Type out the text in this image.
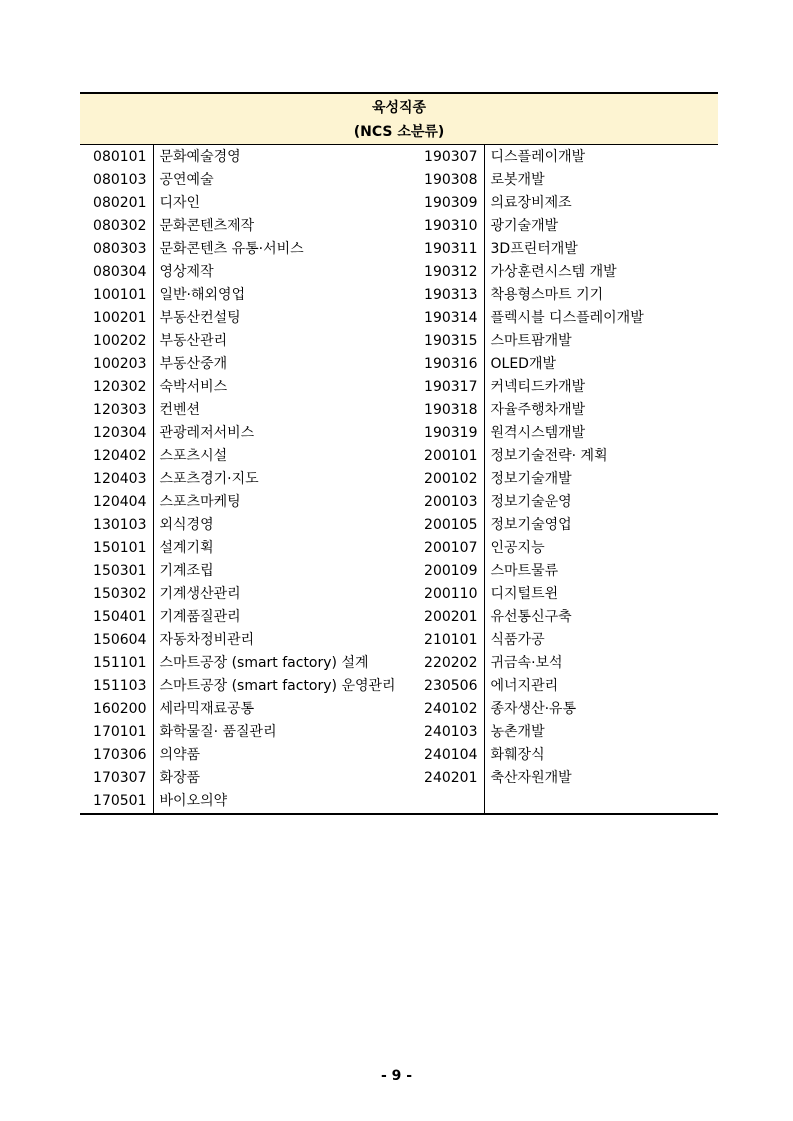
육성직종
(NCS 소분류)			

080101	문화예술경영	190307	디스플레이개발
080103	공연예술	190308	로봇개발
080201	디자인	190309	의료장비제조
080302	문화콘텐츠제작	190310	광기술개발
080303	문화콘텐츠 유통·서비스	190311	3D프린터개발
080304	영상제작	190312	가상훈련시스템 개발
100101	일반·해외영업	190313	착용형스마트 기기
100201	부동산컨설팅	190314	플렉시블 디스플레이개발
100202	부동산관리	190315	스마트팜개발
100203	부동산중개	190316	OLED개발
120302	숙박서비스	190317	커넥티드카개발
120303	컨벤션	190318	자율주행차개발
120304	관광레저서비스	190319	원격시스템개발
120402	스포츠시설	200101	정보기술전략· 계획
120403	스포츠경기·지도	200102	정보기술개발
120404	스포츠마케팅	200103	정보기술운영
130103	외식경영	200105	정보기술영업
150101	설계기획	200107	인공지능
150301	기계조립	200109	스마트물류
150302	기계생산관리	200110	디지털트윈
150401	기계품질관리	200201	유선통신구축
150604	자동차정비관리	210101	식품가공
151101	스마트공장 (smart factory) 설계	220202	귀금속·보석
151103	스마트공장 (smart factory) 운영관리	230506	에너지관리
160200	세라믹재료공통	240102	종자생산·유통
170101	화학물질· 품질관리	240103	농촌개발
170306	의약품	240104	화훼장식
170307	화장품	240201	축산자원개발
170501	바이오의약		
- 9 -
